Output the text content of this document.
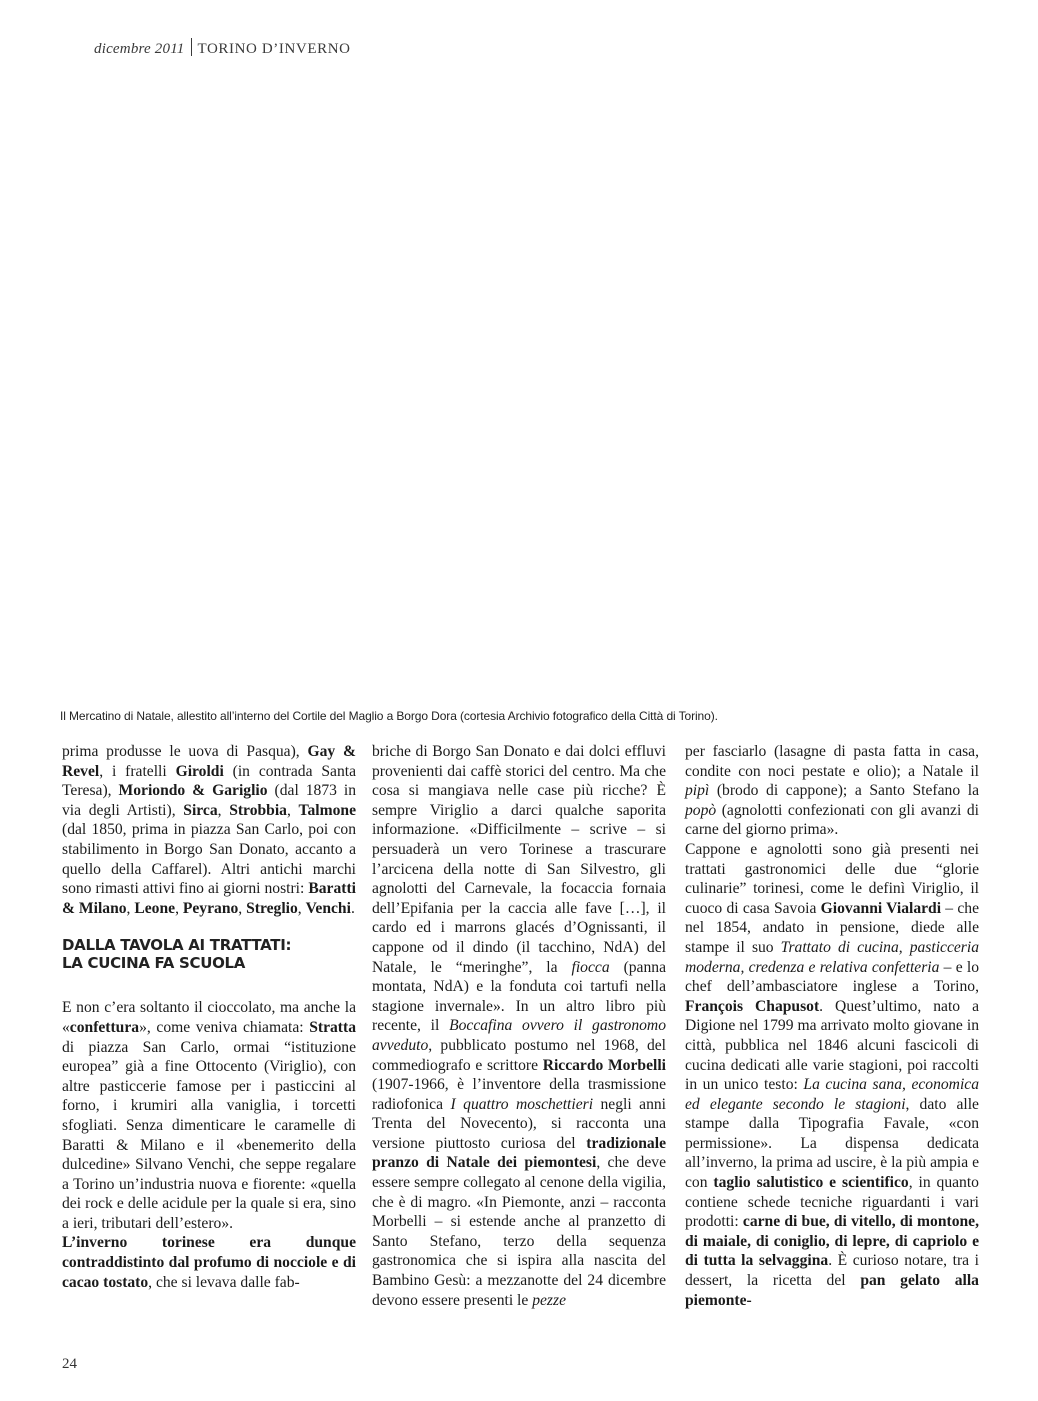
dicembre 2011 TORINO D’INVERNO
Il Mercatino di Natale, allestito all’interno del Cortile del Maglio a Borgo Dora (cortesia Archivio fotografico della Città di Torino).

prima produsse le uova di Pasqua), Gay & Revel, i fratelli Giroldi (in contrada Santa Teresa), Moriondo & Gariglio (dal 1873 in via degli Artisti), Sirca, Strobbia, Talmone (dal 1850, prima in piazza San Carlo, poi con stabilimento in Borgo San Donato, accanto a quello della Caffarel). Altri antichi marchi sono rimasti attivi fino ai giorni nostri: Baratti & Milano, Leone, Peyrano, Streglio, Venchi.

DALLA TAVOLA AI TRATTATI:
LA CUCINA FA SCUOLA

E non c’era soltanto il cioccolato, ma anche la «confettura», come veniva chiamata: Stratta di piazza San Carlo, ormai “istituzione europea” già a fine Ottocento (Viriglio), con altre pasticcerie famose per i pasticcini al forno, i krumiri alla vaniglia, i torcetti sfogliati. Senza dimenticare le caramelle di Baratti & Milano e il «benemerito della dulcedine» Silvano Venchi, che seppe regalare a Torino un’industria nuova e fiorente: «quella dei rock e delle acidule per la quale si era, sino a ieri, tributari dell’estero».

L’inverno torinese era dunque contraddistinto dal profumo di nocciole e di cacao tostato, che si levava dalle fab-

briche di Borgo San Donato e dai dolci effluvi provenienti dai caffè storici del centro. Ma che cosa si mangiava nelle case più ricche? È sempre Viriglio a darci qualche saporita informazione. «Difficilmente – scrive – si persuaderà un vero Torinese a trascurare l’arcicena della notte di San Silvestro, gli agnolotti del Carnevale, la focaccia fornaia dell’Epifania per la caccia alle fave […], il cardo ed i marrons glacés d’Ognissanti, il cappone od il dindo (il tacchino, NdA) del Natale, le “meringhe”, la fiocca (panna montata, NdA) e la fonduta coi tartufi nella stagione invernale». In un altro libro più recente, il Boccafina ovvero il gastronomo avveduto, pubblicato postumo nel 1968, del commediografo e scrittore Riccardo Morbelli (1907-1966, è l’inventore della trasmissione radiofonica I quattro moschettieri negli anni Trenta del Novecento), si racconta una versione piuttosto curiosa del tradizionale pranzo di Natale dei piemontesi, che deve essere sempre collegato al cenone della vigilia, che è di magro. «In Piemonte, anzi – racconta Morbelli – si estende anche al pranzetto di Santo Stefano, terzo della sequenza gastronomica che si ispira alla nascita del Bambino Gesù: a mezzanotte del 24 dicembre devono essere presenti le pezze

per fasciarlo (lasagne di pasta fatta in casa, condite con noci pestate e olio); a Natale il pipì (brodo di cappone); a Santo Stefano la popò (agnolotti confezionati con gli avanzi di carne del giorno prima».

Cappone e agnolotti sono già presenti nei trattati gastronomici delle due “glorie culinarie” torinesi, come le definì Viriglio, il cuoco di casa Savoia Giovanni Vialardi – che nel 1854, andato in pensione, diede alle stampe il suo Trattato di cucina, pasticceria moderna, credenza e relativa confetteria – e lo chef dell’ambasciatore inglese a Torino, François Chapusot. Quest’ultimo, nato a Digione nel 1799 ma arrivato molto giovane in città, pubblica nel 1846 alcuni fascicoli di cucina dedicati alle varie stagioni, poi raccolti in un unico testo: La cucina sana, economica ed elegante secondo le stagioni, dato alle stampe dalla Tipografia Favale, «con permissione». La dispensa dedicata all’inverno, la prima ad uscire, è la più ampia e con taglio salutistico e scientifico, in quanto contiene schede tecniche riguardanti i vari prodotti: carne di bue, di vitello, di montone, di maiale, di coniglio, di lepre, di capriolo e di tutta la selvaggina. È curioso notare, tra i dessert, la ricetta del pan gelato alla piemonte-

24
